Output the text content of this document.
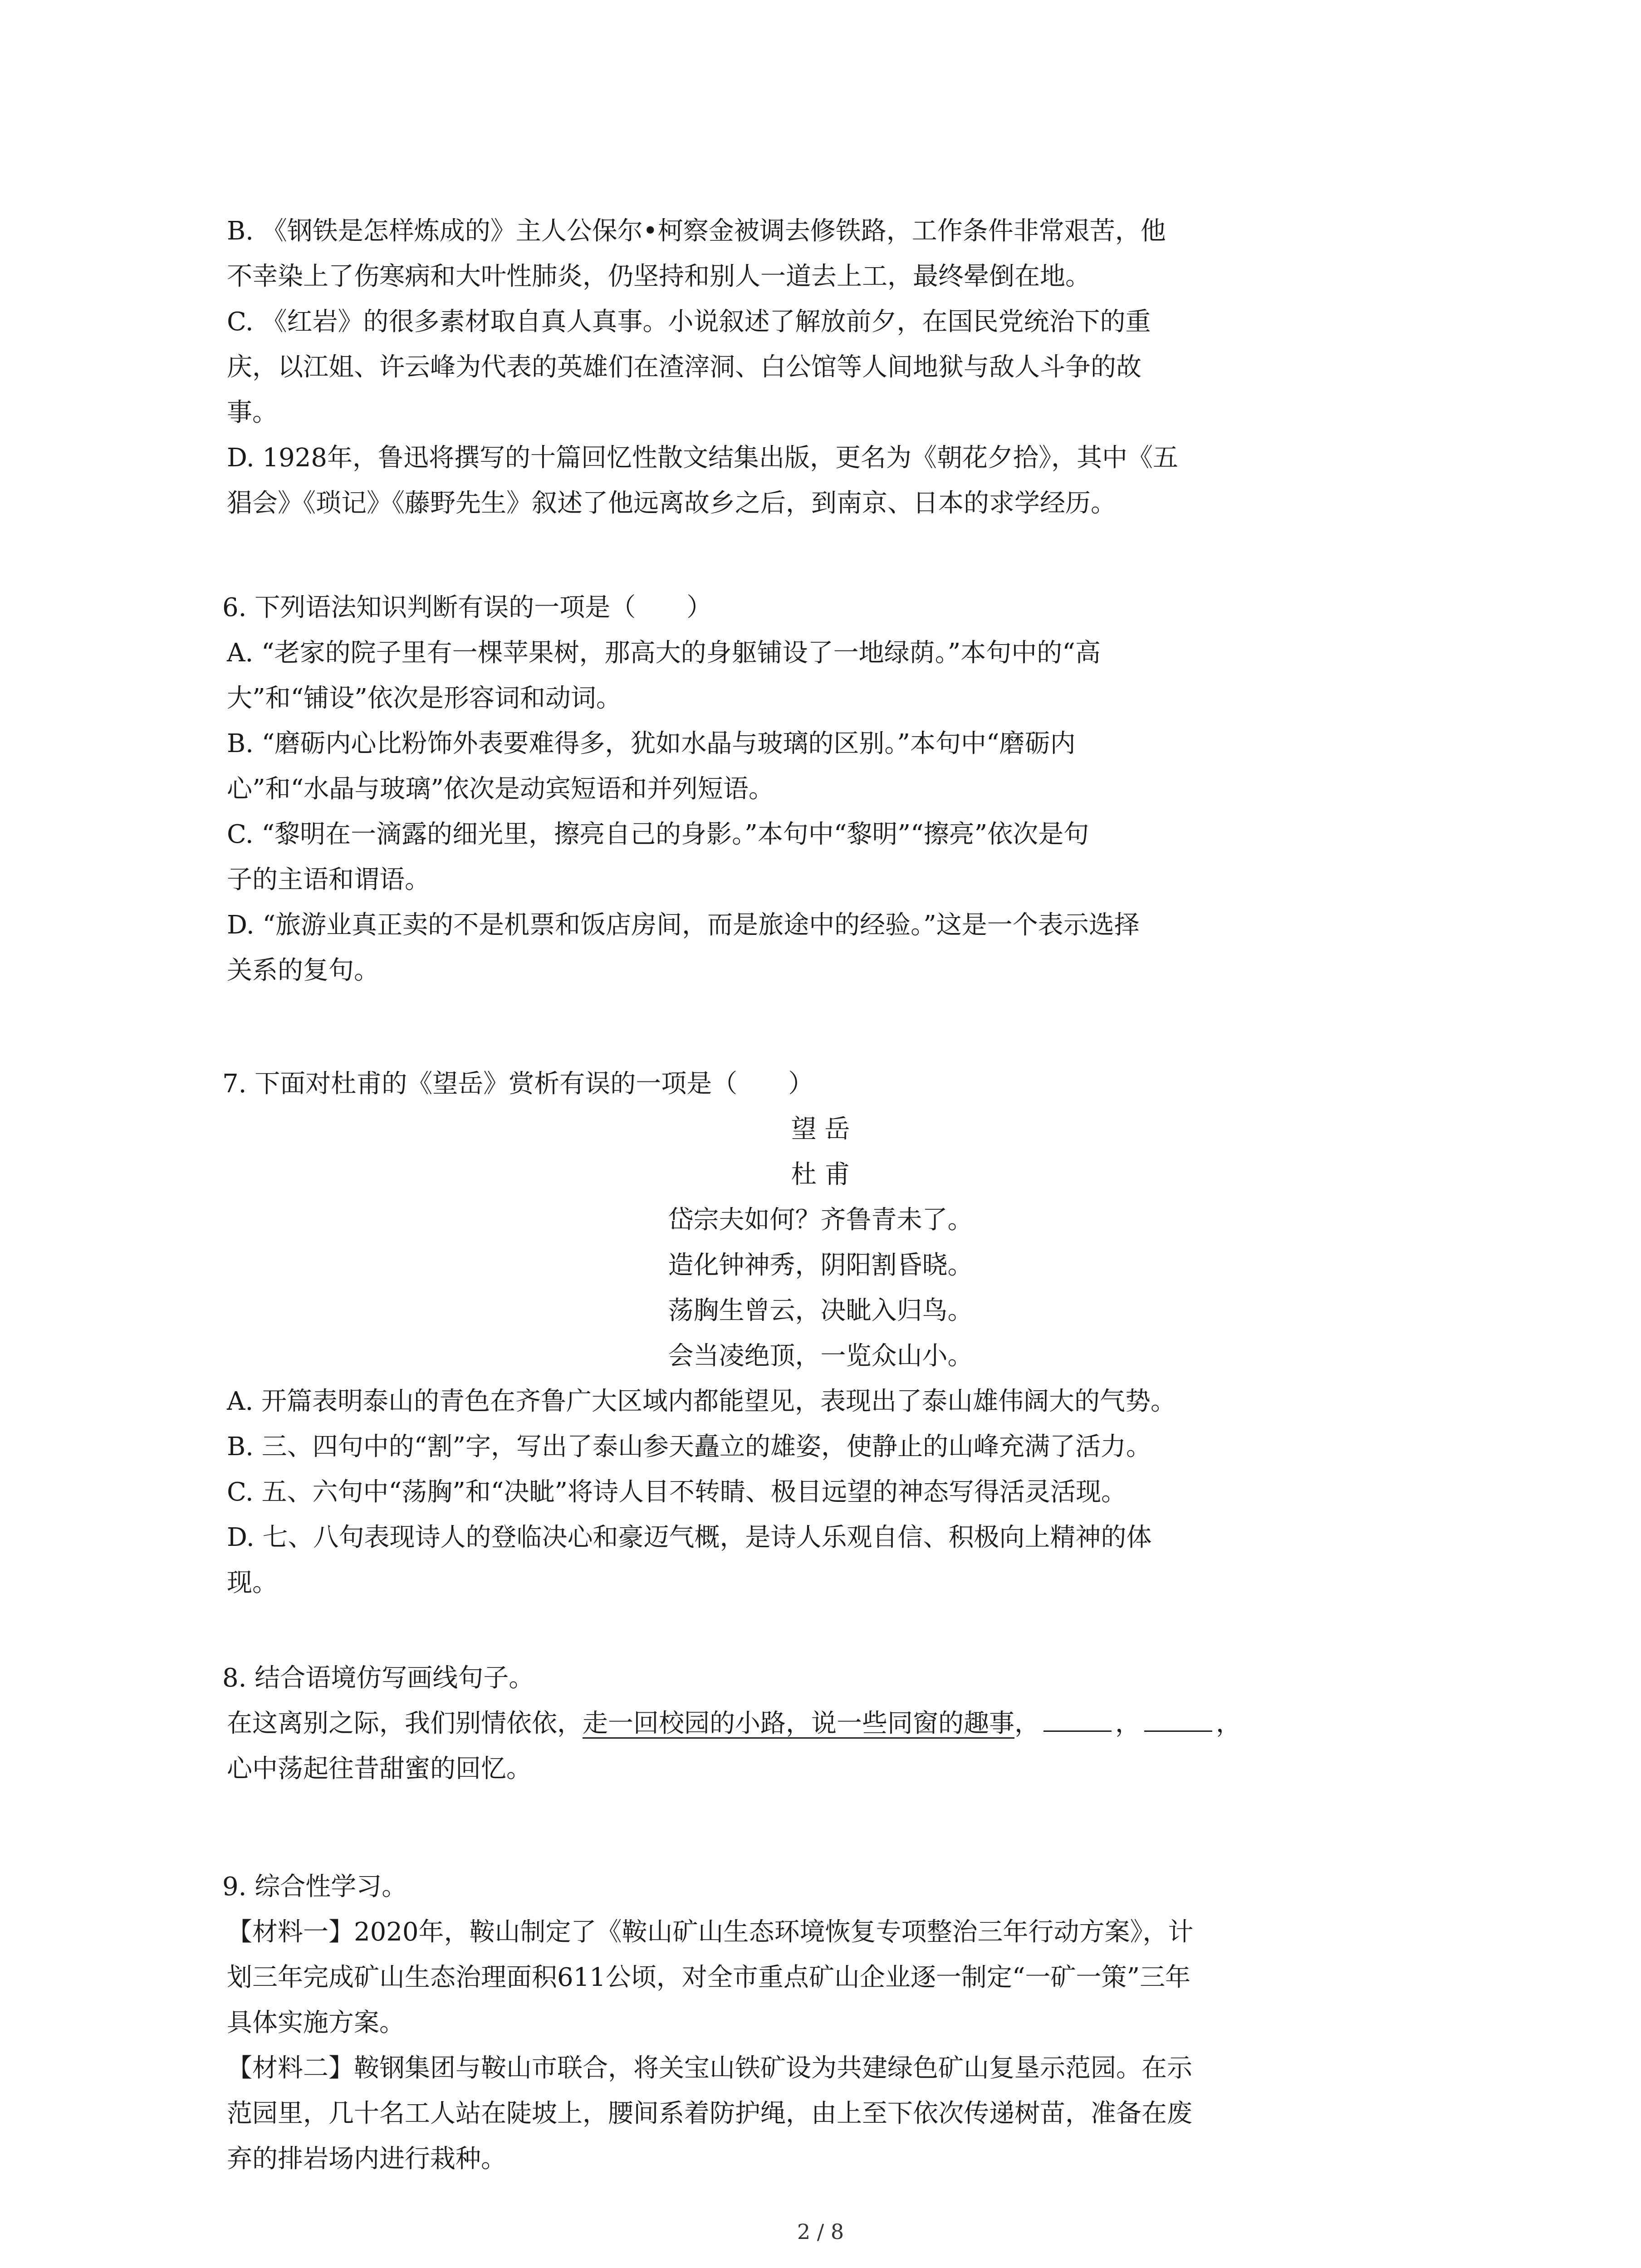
B. 《钢铁是怎样炼成的》主人公保尔•柯察金被调去修铁路，工作条件非常艰苦，他
不幸染上了伤寒病和大叶性肺炎，仍坚持和别人一道去上工，最终晕倒在地。
C. 《红岩》的很多素材取自真人真事。小说叙述了解放前夕，在国民党统治下的重
庆，以江姐、许云峰为代表的英雄们在渣滓洞、白公馆等人间地狱与敌人斗争的故
事。
D. 1928年，鲁迅将撰写的十篇回忆性散文结集出版，更名为《朝花夕拾》，其中《五
猖会》《琐记》《藤野先生》叙述了他远离故乡之后，到南京、日本的求学经历。
6. 下列语法知识判断有误的一项是（　　）
A. “老家的院子里有一棵苹果树，那高大的身躯铺设了一地绿荫。”本句中的“高
大”和“铺设”依次是形容词和动词。
B. “磨砺内心比粉饰外表要难得多，犹如水晶与玻璃的区别。”本句中“磨砺内
心”和“水晶与玻璃”依次是动宾短语和并列短语。
C. “黎明在一滴露的细光里，擦亮自己的身影。”本句中“黎明”“擦亮”依次是句
子的主语和谓语。
D. “旅游业真正卖的不是机票和饭店房间，而是旅途中的经验。”这是一个表示选择
关系的复句。
7. 下面对杜甫的《望岳》赏析有误的一项是（　　）
望 岳
杜 甫
岱宗夫如何？齐鲁青未了。
造化钟神秀，阴阳割昏晓。
荡胸生曾云，决眦入归鸟。
会当凌绝顶，一览众山小。
A. 开篇表明泰山的青色在齐鲁广大区域内都能望见，表现出了泰山雄伟阔大的气势。
B. 三、四句中的“割”字，写出了泰山参天矗立的雄姿，使静止的山峰充满了活力。
C. 五、六句中“荡胸”和“决眦”将诗人目不转睛、极目远望的神态写得活灵活现。
D. 七、八句表现诗人的登临决心和豪迈气概，是诗人乐观自信、积极向上精神的体
现。
8. 结合语境仿写画线句子。
在这离别之际，我们别情依依，走一回校园的小路，说一些同窗的趣事，	，	，
心中荡起往昔甜蜜的回忆。
9. 综合性学习。
【材料一】2020年，鞍山制定了《鞍山矿山生态环境恢复专项整治三年行动方案》，计
划三年完成矿山生态治理面积611公顷，对全市重点矿山企业逐一制定“一矿一策”三年
具体实施方案。
【材料二】鞍钢集团与鞍山市联合，将关宝山铁矿设为共建绿色矿山复垦示范园。在示
范园里，几十名工人站在陡坡上，腰间系着防护绳，由上至下依次传递树苗，准备在废
弃的排岩场内进行栽种。
2 / 8
